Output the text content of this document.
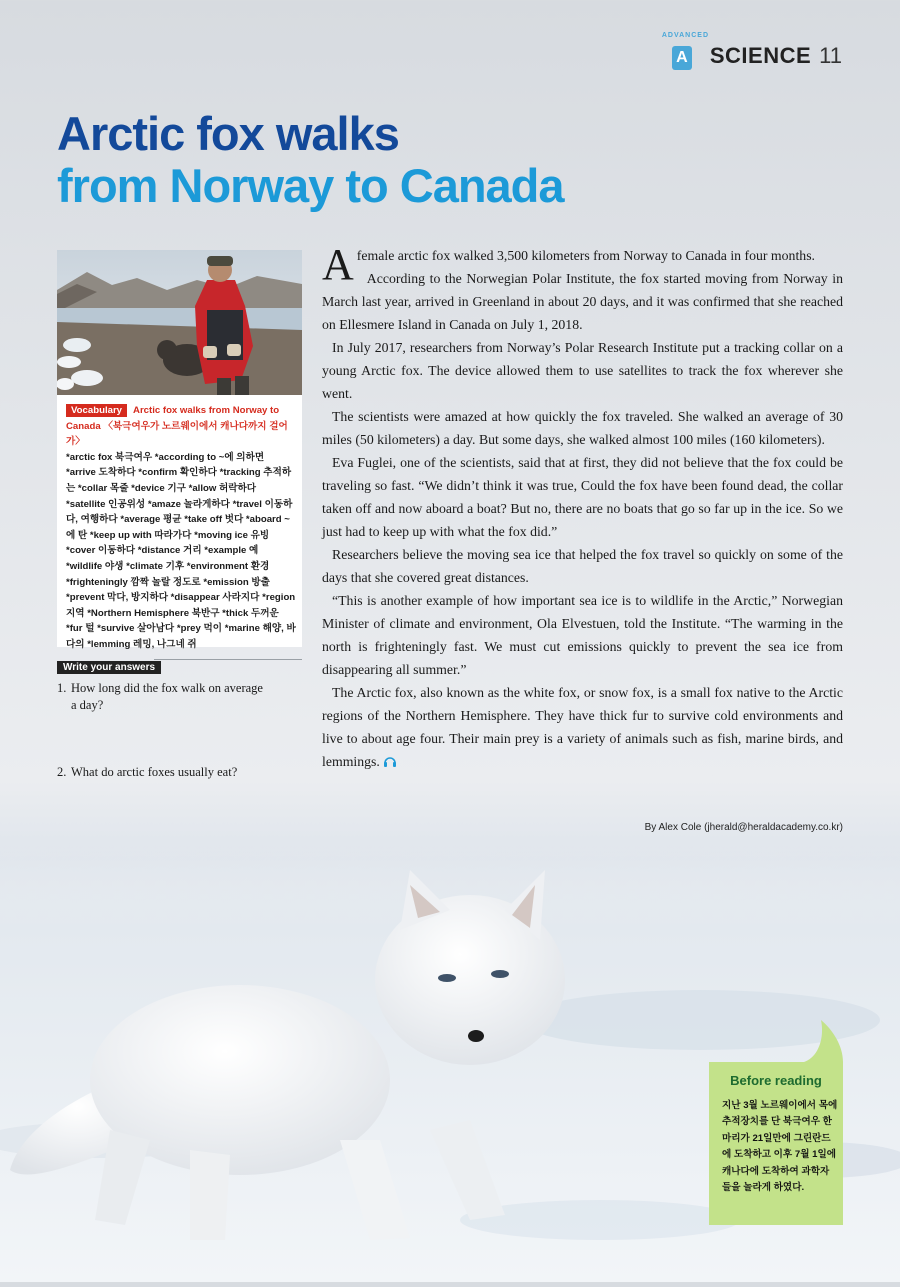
ADVANCED
A SCIENCE 11
Arctic fox walks
from Norway to Canada
Vocabulary Arctic fox walks from Norway to Canada 〈북극여우가 노르웨이에서 캐나다까지 걸어가〉
*arctic fox 북극여우 *according to ~에 의하면 *arrive 도착하다 *confirm 확인하다 *tracking 추적하는 *collar 목줄 *device 기구 *allow 허락하다 *satellite 인공위성 *amaze 놀라게하다 *travel 이동하다, 여행하다 *average 평균 *take off 벗다 *aboard ~에 탄 *keep up with 따라가다 *moving ice 유빙 *cover 이동하다 *distance 거리 *example 예 *wildlife 야생 *climate 기후 *environment 환경 *frighteningly 깜짝 놀랄 정도로 *emission 방출 *prevent 막다, 방지하다 *disappear 사라지다 *region 지역 *Northern Hemisphere 북반구 *thick 두꺼운 *fur 털 *survive 살아남다 *prey 먹이 *marine 해양, 바다의 *lemming 레밍, 나그네 쥐
Write your answers
1. How long did the fox walk on average a day?
2. What do arctic foxes usually eat?

A female arctic fox walked 3,500 kilometers from Norway to Canada in four months.

According to the Norwegian Polar Institute, the fox started moving from Norway in March last year, arrived in Greenland in about 20 days, and it was confirmed that she reached on Ellesmere Island in Canada on July 1, 2018.

In July 2017, researchers from Norway’s Polar Research Institute put a tracking collar on a young Arctic fox. The device allowed them to use satellites to track the fox wherever she went.

The scientists were amazed at how quickly the fox traveled. She walked an average of 30 miles (50 kilometers) a day. But some days, she walked almost 100 miles (160 kilometers).

Eva Fuglei, one of the scientists, said that at first, they did not believe that the fox could be traveling so fast. “We didn’t think it was true, Could the fox have been found dead, the collar taken off and now aboard a boat? But no, there are no boats that go so far up in the ice. So we just had to keep up with what the fox did.”

Researchers believe the moving sea ice that helped the fox travel so quickly on some of the days that she covered great distances.

“This is another example of how important sea ice is to wildlife in the Arctic,” Norwegian Minister of climate and environment, Ola Elvestuen, told the Institute. “The warming in the north is frighteningly fast. We must cut emissions quickly to prevent the sea ice from disappearing all summer.”

The Arctic fox, also known as the white fox, or snow fox, is a small fox native to the Arctic regions of the Northern Hemisphere. They have thick fur to survive cold environments and live to about age four. Their main prey is a variety of animals such as fish, marine birds, and lemmings.

By Alex Cole (jherald@heraldacademy.co.kr)
Before reading
지난 3월 노르웨이에서 목에 추적장치를 단 북극여우 한마리가 21일만에 그린란드에 도착하고 이후 7월 1일에 캐나다에 도착하여 과학자들을 놀라게 하였다.
